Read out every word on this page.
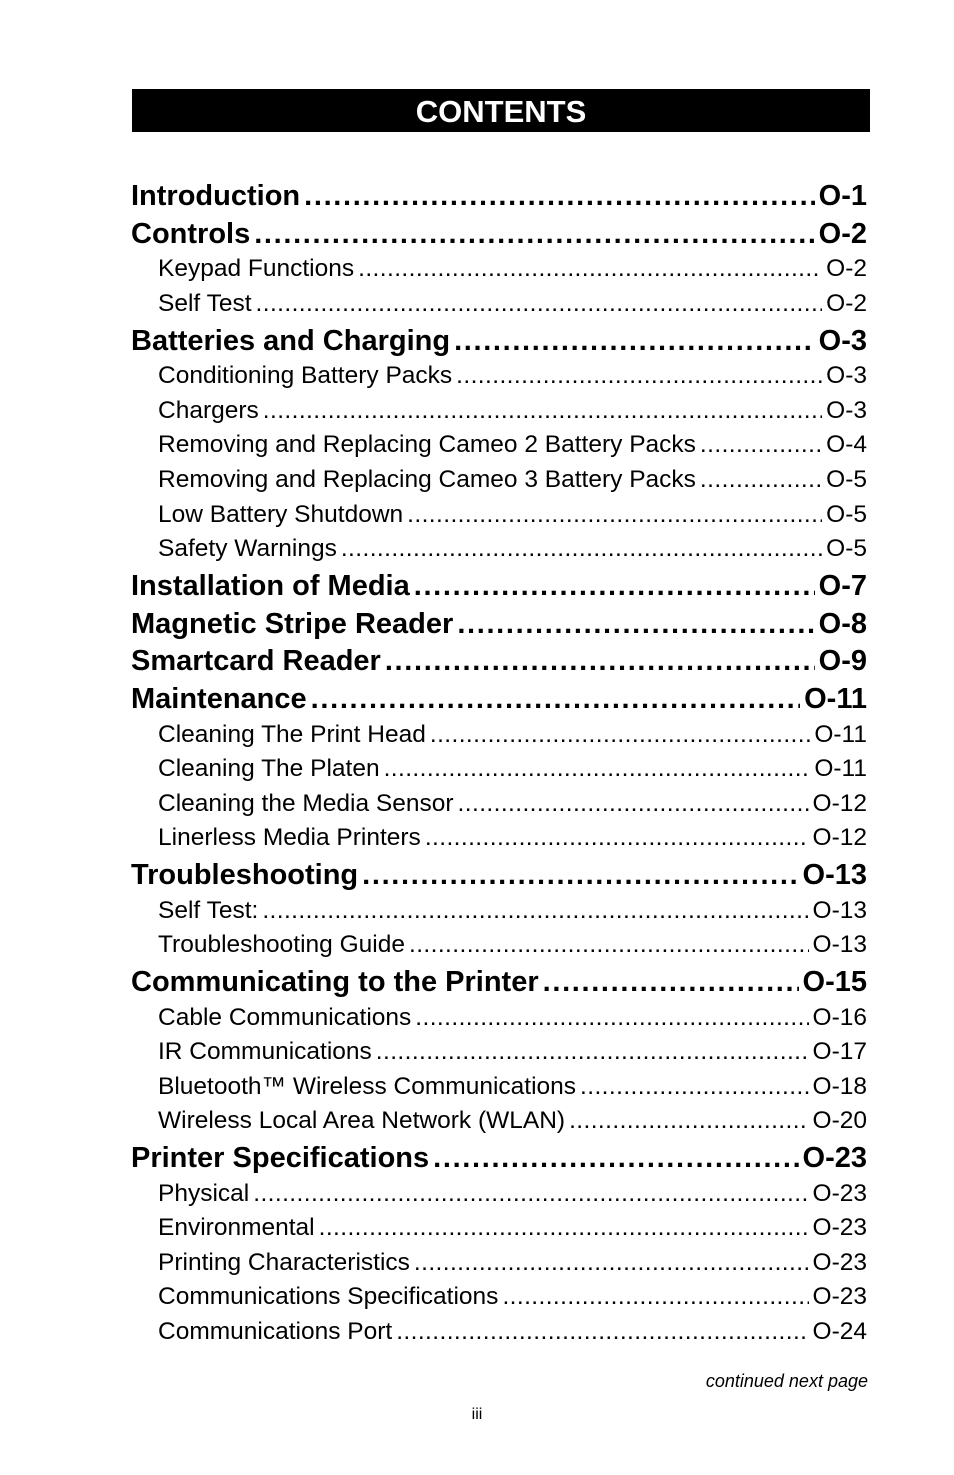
CONTENTS
Introduction . . .	O-1
Controls . . .	O-2
Keypad Functions . . .	O-2
Self Test . . .	O-2
Batteries and Charging . . .	O-3
Conditioning Battery Packs . . .	O-3
Chargers . . .	O-3
Removing and Replacing Cameo 2 Battery Packs . . .	O-4
Removing and Replacing Cameo 3 Battery Packs . . .	O-5
Low Battery Shutdown . . .	O-5
Safety Warnings . . .	O-5
Installation of Media . . .	O-7
Magnetic Stripe Reader . . .	O-8
Smartcard Reader . . .	O-9
Maintenance . . .	O-11
Cleaning The Print Head . . .	O-11
Cleaning The Platen . . .	O-11
Cleaning the Media Sensor . . .	O-12
Linerless Media Printers . . .	O-12
Troubleshooting . . .	O-13
Self Test: . . .	O-13
Troubleshooting Guide . . .	O-13
Communicating to the Printer . . .	O-15
Cable Communications . . .	O-16
IR Communications . . .	O-17
Bluetooth™ Wireless Communications . . .	O-18
Wireless Local Area Network (WLAN) . . .	O-20
Printer Specifications . . .	O-23
Physical . . .	O-23
Environmental . . .	O-23
Printing Characteristics . . .	O-23
Communications Specifications . . .	O-23
Communications Port . . .	O-24
continued next page
iii
